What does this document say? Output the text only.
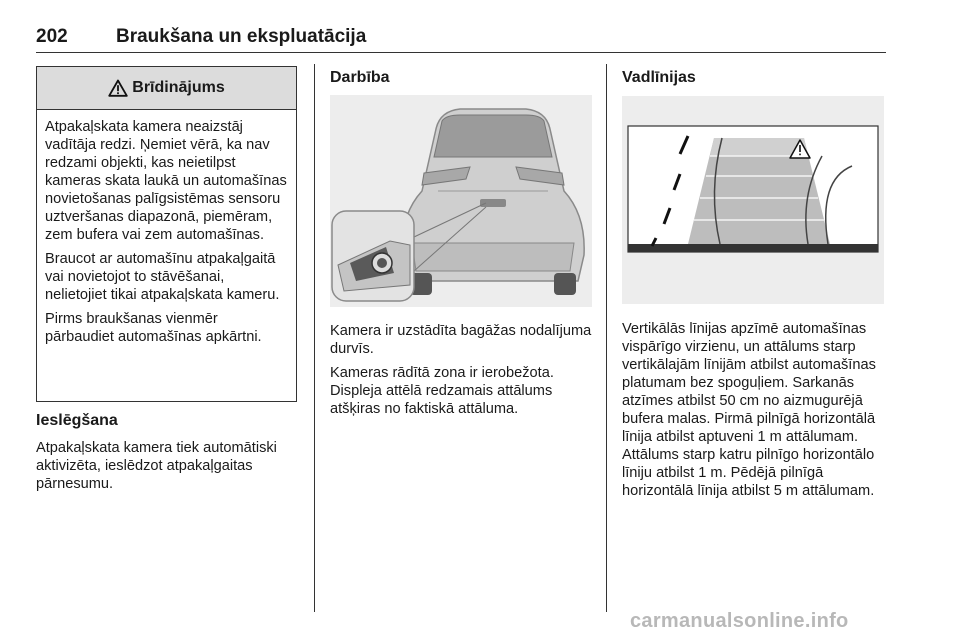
202	Braukšana un ekspluatācija
Brīdinājums

Atpakaļskata kamera neaizstāj vadītāja redzi. Ņemiet vērā, ka nav redzami objekti, kas neietilpst kameras skata laukā un automašīnas novietošanas palīgsistēmas sensoru uztveršanas diapazonā, piemēram, zem bufera vai zem automašīnas.

Braucot ar automašīnu atpakaļgaitā vai novietojot to stāvēšanai, nelietojiet tikai atpakaļskata kameru.

Pirms braukšanas vienmēr pārbaudiet automašīnas apkārtni.

Ieslēgšana

Atpakaļskata kamera tiek automātiski aktivizēta, ieslēdzot atpakaļgaitas pārnesumu.

Darbība

Kamera ir uzstādīta bagāžas nodalījuma durvīs.

Kameras rādītā zona ir ierobežota. Displeja attēlā redzamais attālums atšķiras no faktiskā attāluma.

Vadlīnijas

Vertikālās līnijas apzīmē automašīnas vispārīgo virzienu, un attālums starp vertikālajām līnijām atbilst automašīnas platumam bez spoguļiem. Sarkanās atzīmes atbilst 50 cm no aizmugurējā bufera malas. Pirmā pilnīgā horizontālā līnija atbilst aptuveni 1 m attālumam. Attālums starp katru pilnīgo horizontālo līniju atbilst 1 m. Pēdējā pilnīgā horizontālā līnija atbilst 5 m attālumam.

carmanualsonline.info
